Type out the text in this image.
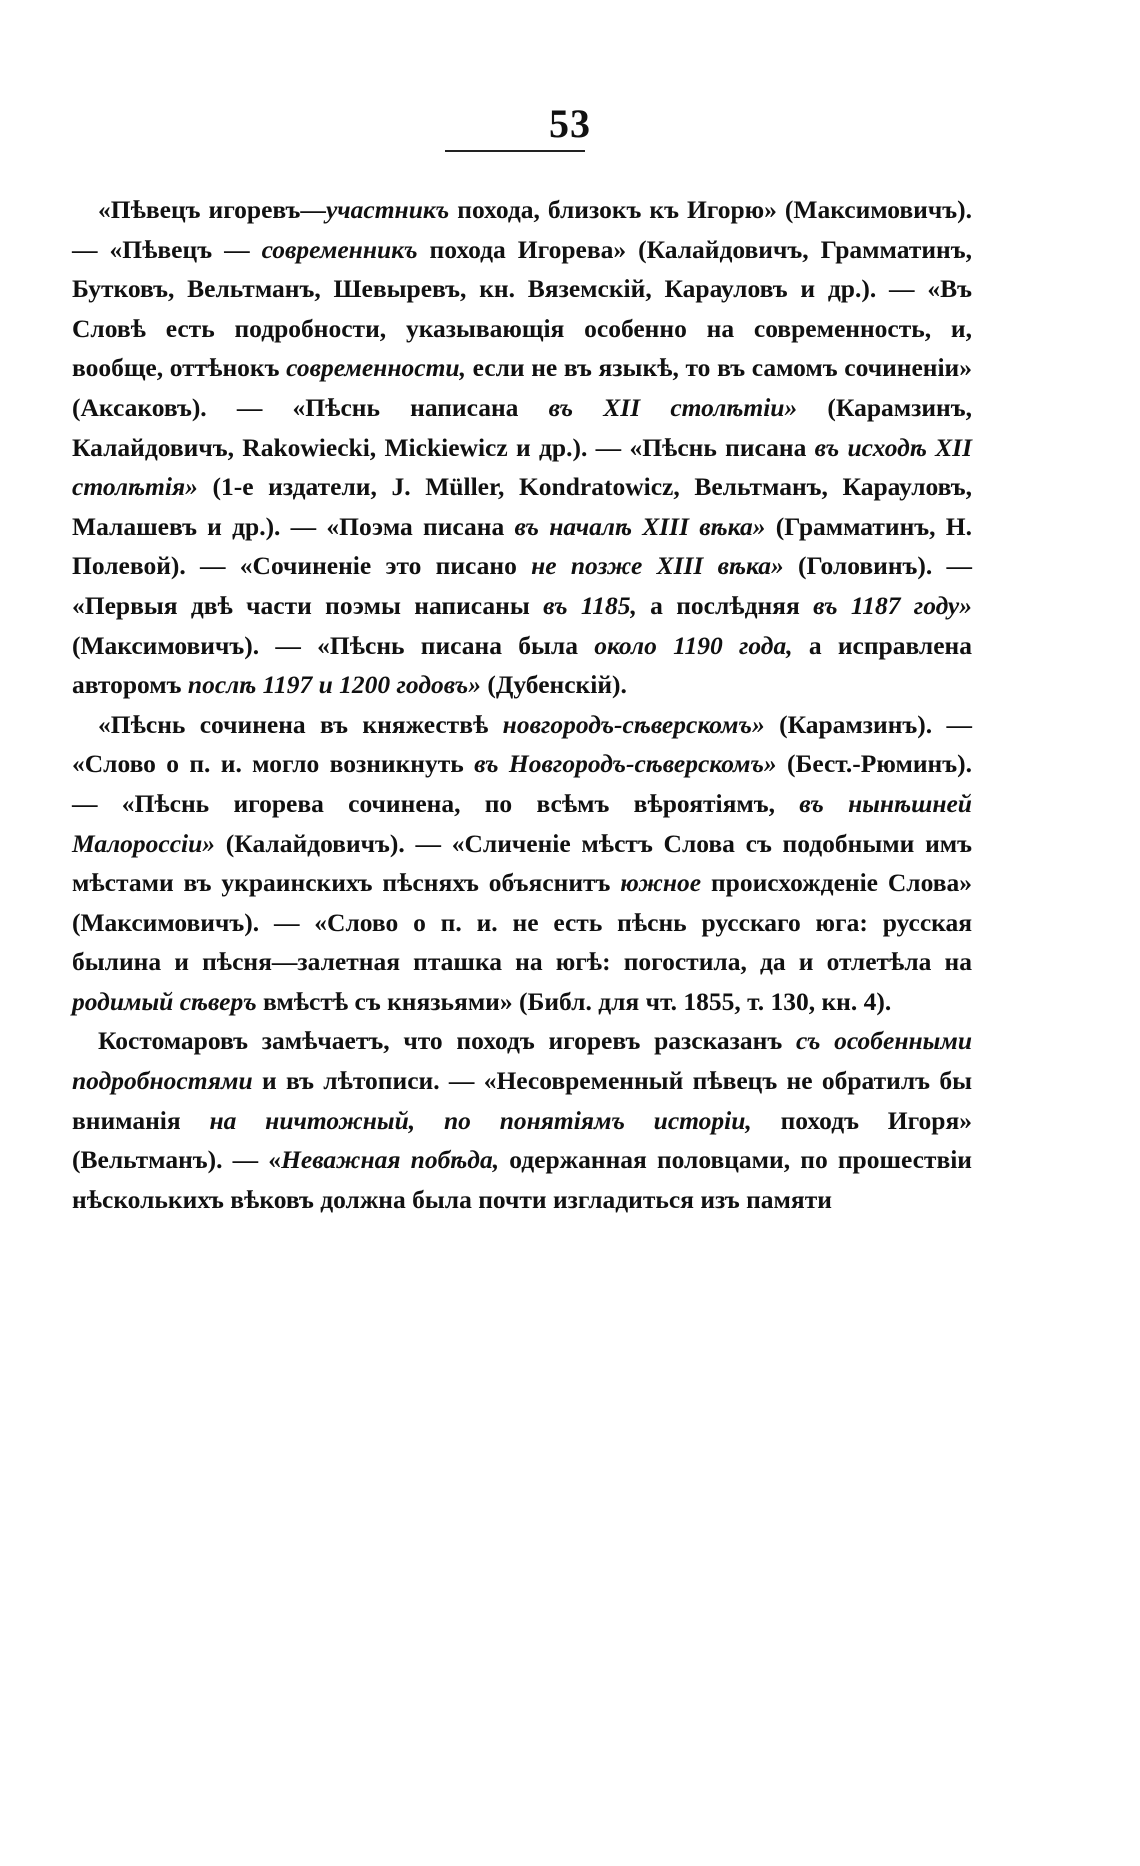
53

«Пѣвецъ игоревъ—участникъ похода, близокъ къ Игорю» (Максимовичъ). — «Пѣвецъ — современникъ похода Игорева» (Калайдовичъ, Грамматинъ, Бутковъ, Вельтманъ, Шевыревъ, кн. Вяземскій, Карауловъ и др.). — «Въ Словѣ есть подробности, указывающія особенно на современность, и, вообще, оттѣнокъ современности, если не въ языкѣ, то въ самомъ сочиненіи» (Аксаковъ). — «Пѣснь написана въ XII столѣтіи» (Карамзинъ, Калайдовичъ, Rakowiecki, Mickiewicz и др.). — «Пѣснь писана въ исходѣ XII столѣтія» (1-е издатели, J. Müller, Kondratowicz, Вельтманъ, Карауловъ, Малашевъ и др.). — «Поэма писана въ началѣ XIII вѣка» (Грамматинъ, Н. Полевой). — «Сочиненіе это писано не позже XIII вѣка» (Головинъ). — «Первыя двѣ части поэмы написаны въ 1185, а послѣдняя въ 1187 году» (Максимовичъ). — «Пѣснь писана была около 1190 года, а исправлена авторомъ послѣ 1197 и 1200 годовъ» (Дубенскій).

«Пѣснь сочинена въ княжествѣ новгородъ-сѣверскомъ» (Карамзинъ). — «Слово о п. и. могло возникнуть въ Новгородъ-сѣверскомъ» (Бест.-Рюминъ). — «Пѣснь игорева сочинена, по всѣмъ вѣроятіямъ, въ нынѣшней Малороссіи» (Калайдовичъ). — «Сличеніе мѣстъ Слова съ подобными имъ мѣстами въ украинскихъ пѣсняхъ объяснитъ южное происхожденіе Слова» (Максимовичъ). — «Слово о п. и. не есть пѣснь русскаго юга: русская былина и пѣсня—залетная пташка на югѣ: погостила, да и отлетѣла на родимый сѣверъ вмѣстѣ съ князьями» (Библ. для чт. 1855, т. 130, кн. 4).

Костомаровъ замѣчаетъ, что походъ игоревъ разсказанъ съ особенными подробностями и въ лѣтописи. — «Несовременный пѣвецъ не обратилъ бы вниманія на ничтожный, по понятіямъ исторіи, походъ Игоря» (Вельтманъ). — «Неважная побѣда, одержанная половцами, по прошествіи нѣсколькихъ вѣковъ должна была почти изгладиться изъ памяти
